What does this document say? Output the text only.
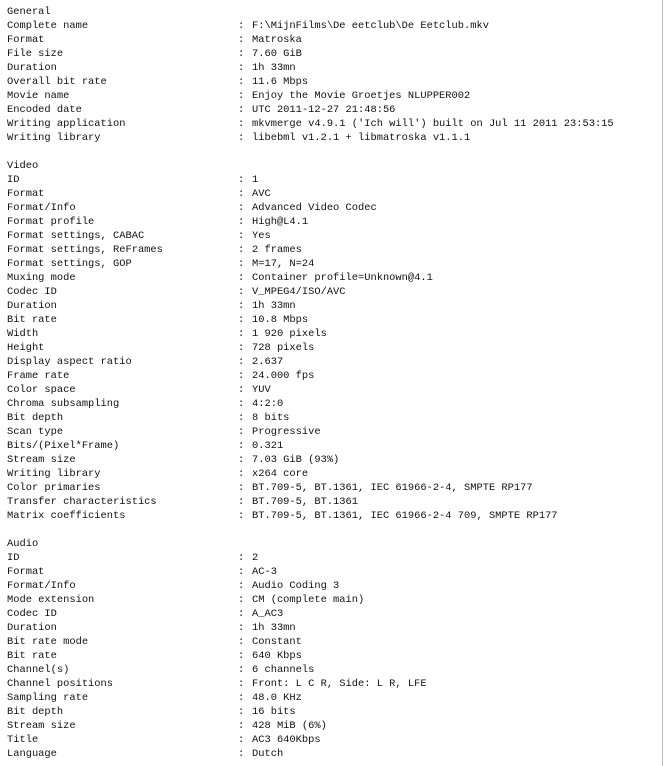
General
Complete name	: F:\MijnFilms\De eetclub\De Eetclub.mkv
Format	: Matroska
File size	: 7.60 GiB
Duration	: 1h 33mn
Overall bit rate	: 11.6 Mbps
Movie name	: Enjoy the Movie Groetjes NLUPPER002
Encoded date	: UTC 2011-12-27 21:48:56
Writing application	: mkvmerge v4.9.1 ('Ich will') built on Jul 11 2011 23:53:15
Writing library	: libebml v1.2.1 + libmatroska v1.1.1
Video
ID	: 1
Format	: AVC
Format/Info	: Advanced Video Codec
Format profile	: High@L4.1
Format settings, CABAC	: Yes
Format settings, ReFrames	: 2 frames
Format settings, GOP	: M=17, N=24
Muxing mode	: Container profile=Unknown@4.1
Codec ID	: V_MPEG4/ISO/AVC
Duration	: 1h 33mn
Bit rate	: 10.8 Mbps
Width	: 1 920 pixels
Height	: 728 pixels
Display aspect ratio	: 2.637
Frame rate	: 24.000 fps
Color space	: YUV
Chroma subsampling	: 4:2:0
Bit depth	: 8 bits
Scan type	: Progressive
Bits/(Pixel*Frame)	: 0.321
Stream size	: 7.03 GiB (93%)
Writing library	: x264 core
Color primaries	: BT.709-5, BT.1361, IEC 61966-2-4, SMPTE RP177
Transfer characteristics	: BT.709-5, BT.1361
Matrix coefficients	: BT.709-5, BT.1361, IEC 61966-2-4 709, SMPTE RP177
Audio
ID	: 2
Format	: AC-3
Format/Info	: Audio Coding 3
Mode extension	: CM (complete main)
Codec ID	: A_AC3
Duration	: 1h 33mn
Bit rate mode	: Constant
Bit rate	: 640 Kbps
Channel(s)	: 6 channels
Channel positions	: Front: L C R, Side: L R, LFE
Sampling rate	: 48.0 KHz
Bit depth	: 16 bits
Stream size	: 428 MiB (6%)
Title	: AC3 640Kbps
Language	: Dutch
